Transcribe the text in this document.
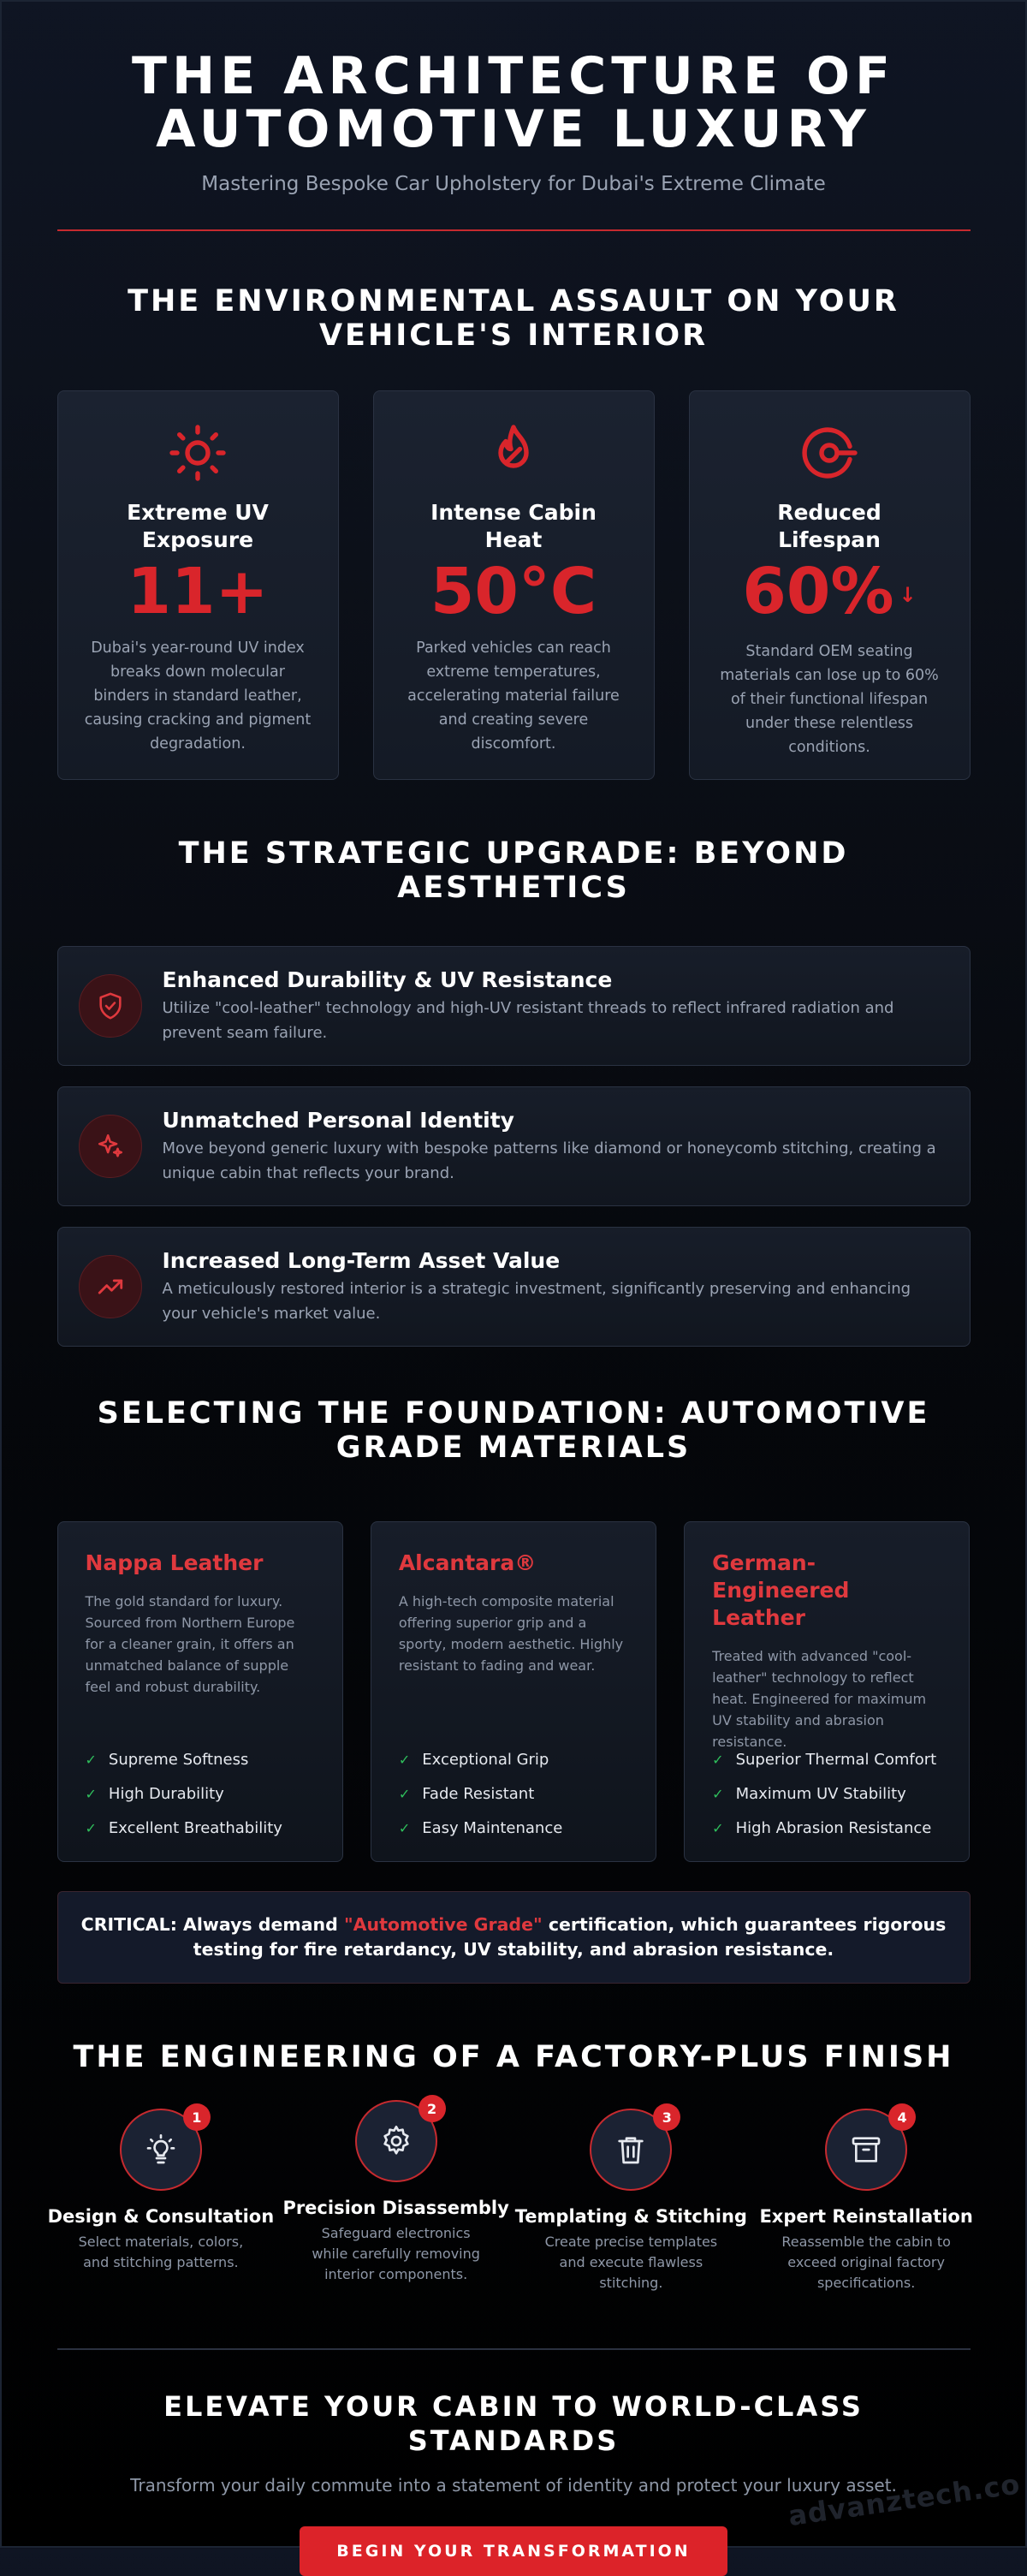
THE ARCHITECTURE OF
AUTOMOTIVE LUXURY
Mastering Bespoke Car Upholstery for Dubai's Extreme Climate
THE ENVIRONMENTAL ASSAULT ON YOUR VEHICLE'S INTERIOR
Extreme UV Exposure
11+

Dubai's year-round UV index breaks down molecular binders in standard leather, causing cracking and pigment degradation.

Intense Cabin Heat
50°C

Parked vehicles can reach extreme temperatures, accelerating material failure and creating severe discomfort.

Reduced Lifespan
60% ↓

Standard OEM seating materials can lose up to 60% of their functional lifespan under these relentless conditions.

THE STRATEGIC UPGRADE: BEYOND AESTHETICS
Enhanced Durability & UV Resistance

Utilize "cool-leather" technology and high-UV resistant threads to reflect infrared radiation and prevent seam failure.

Unmatched Personal Identity

Move beyond generic luxury with bespoke patterns like diamond or honeycomb stitching, creating a unique cabin that reflects your brand.

Increased Long-Term Asset Value

A meticulously restored interior is a strategic investment, significantly preserving and enhancing your vehicle's market value.

SELECTING THE FOUNDATION: AUTOMOTIVE GRADE MATERIALS
Nappa Leather

The gold standard for luxury. Sourced from Northern Europe for a cleaner grain, it offers an unmatched balance of supple feel and robust durability.

✓ Supreme Softness
✓ High Durability
✓ Excellent Breathability
Alcantara®

A high-tech composite material offering superior grip and a sporty, modern aesthetic. Highly resistant to fading and wear.

✓ Exceptional Grip
✓ Fade Resistant
✓ Easy Maintenance
German-Engineered Leather

Treated with advanced "cool-leather" technology to reflect heat. Engineered for maximum UV stability and abrasion resistance.

✓ Superior Thermal Comfort
✓ Maximum UV Stability
✓ High Abrasion Resistance
CRITICAL: Always demand "Automotive Grade" certification, which guarantees rigorous
testing for fire retardancy, UV stability, and abrasion resistance.
THE ENGINEERING OF A FACTORY-PLUS FINISH
1
Design & Consultation

Select materials, colors, and stitching patterns.

2
Precision Disassembly

Safeguard electronics while carefully removing interior components.

3
Templating & Stitching

Create precise templates and execute flawless stitching.

4
Expert Reinstallation

Reassemble the cabin to exceed original factory specifications.

ELEVATE YOUR CABIN TO WORLD-CLASS STANDARDS
Transform your daily commute into a statement of identity and protect your luxury asset.
BEGIN YOUR TRANSFORMATION
advanztech.co
